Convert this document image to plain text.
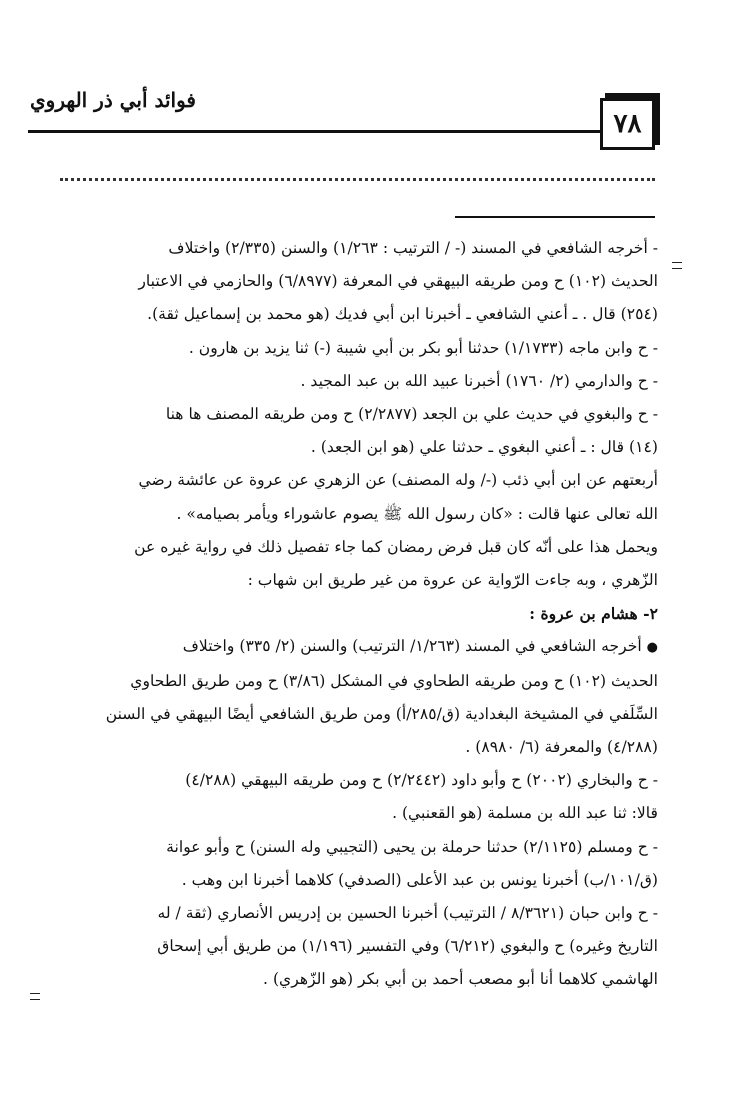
فوائد أبي ذر الهروي
٧٨

- أخرجه الشافعي في المسند (- / الترتيب : ١/٢٦٣) والسنن (٢/٣٣٥) واختلاف

الحديث (١٠٢) ح ومن طريقه البيهقي في المعرفة (٦/٨٩٧٧) والحازمي في الاعتبار

(٢٥٤) قال . ـ أعني الشافعي ـ أخبرنا ابن أبي فديك (هو محمد بن إسماعيل ثقة).

- ح وابن ماجه (١/١٧٣٣) حدثنا أبو بكر بن أبي شيبة (-) ثنا يزيد بن هارون .

- ح والدارمي (٢/ ١٧٦٠) أخبرنا عبيد الله بن عبد المجيد .

- ح والبغوي في حديث علي بن الجعد (٢/٢٨٧٧) ح ومن طريقه المصنف ها هنا

(١٤) قال : ـ أعني البغوي ـ حدثنا علي (هو ابن الجعد) .

أربعتهم عن ابن أبي ذئب (-/ وله المصنف) عن الزهري عن عروة عن عائشة رضي

الله تعالى عنها قالت : «كان رسول الله ﷺ يصوم عاشوراء ويأمر بصيامه» .

ويحمل هذا على أنّه كان قبل فرض رمضان كما جاء تفصيل ذلك في رواية غيره عن

الزّهري ، وبه جاءت الرّواية عن عروة من غير طريق ابن شهاب :

٢- هشام بن عروة :

● أخرجه الشافعي في المسند (١/٢٦٣/ الترتيب) والسنن (٢/ ٣٣٥) واختلاف

الحديث (١٠٢) ح ومن طريقه الطحاوي في المشكل (٣/٨٦) ح ومن طريق الطحاوي

السِّلَفي في المشيخة البغدادية (ق/٢٨٥/أ) ومن طريق الشافعي أيضًا البيهقي في السنن

(٤/٢٨٨) والمعرفة (٦/ ٨٩٨٠) .

- ح والبخاري (٢٠٠٢) ح وأبو داود (٢/٢٤٤٢) ح ومن طريقه البيهقي (٤/٢٨٨)

قالا: ثنا عبد الله بن مسلمة (هو القعنبي) .

- ح ومسلم (٢/١١٢٥) حدثنا حرملة بن يحيى (التجيبي وله السنن) ح وأبو عوانة

(ق/١٠١/ب) أخبرنا يونس بن عبد الأعلى (الصدفي) كلاهما أخبرنا ابن وهب .

- ح وابن حبان (٨/٣٦٢١ / الترتيب) أخبرنا الحسين بن إدريس الأنصاري (ثقة / له

التاريخ وغيره) ح والبغوي (٦/٢١٢) وفي التفسير (١/١٩٦) من طريق أبي إسحاق

الهاشمي كلاهما أنا أبو مصعب أحمد بن أبي بكر (هو الزّهري) .
